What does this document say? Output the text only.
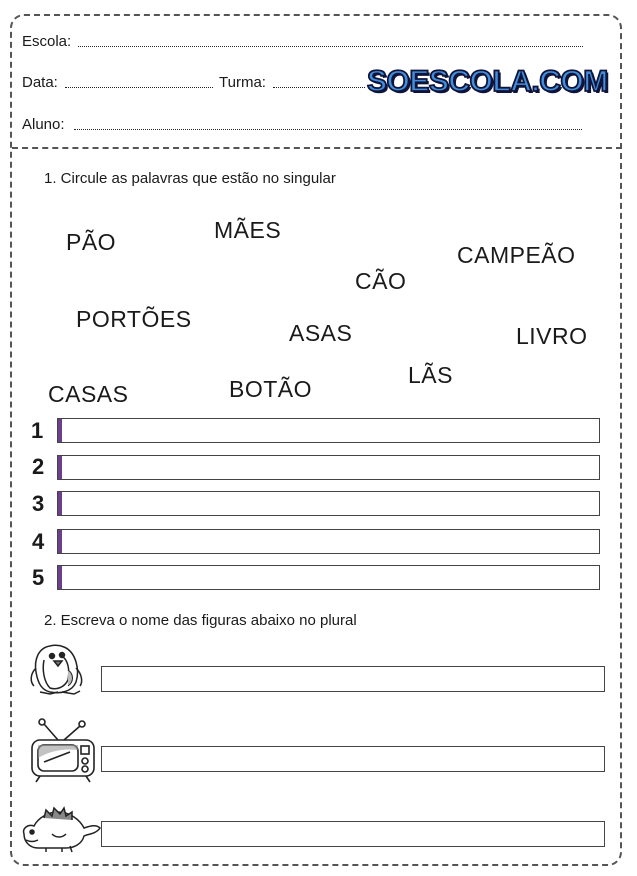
Escola:
Data:	Turma:	SOESCOLA.COM
Aluno:
1. Circule as palavras que estão no singular
PÃO	MÃES
CAMPEÃO
CÃO
PORTÕES
ASAS	LIVRO
LÃS
CASAS	BOTÃO
1
2
3
4
5
2. Escreva o nome das figuras abaixo no plural
